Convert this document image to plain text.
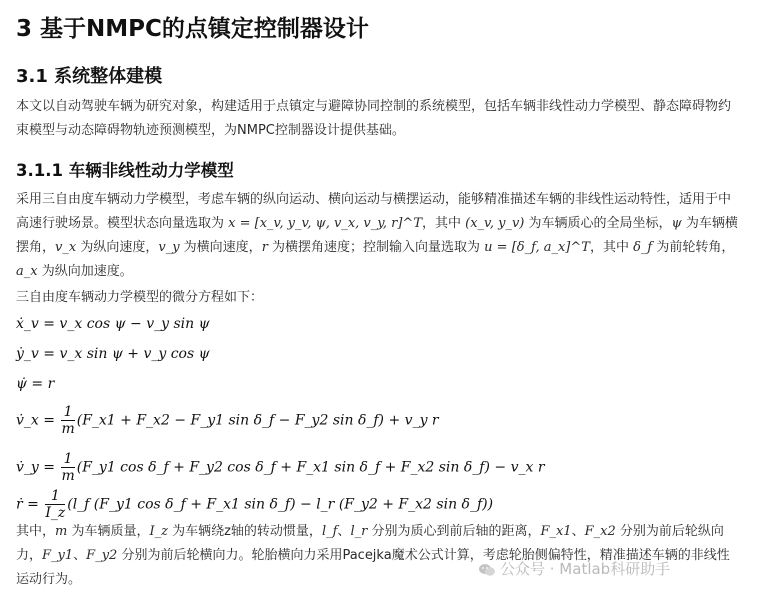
3 基于NMPC的点镇定控制器设计
3.1 系统整体建模

本文以自动驾驶车辆为研究对象，构建适用于点镇定与避障协同控制的系统模型，包括车辆非线性动力学模型、静态障碍物约束模型与动态障碍物轨迹预测模型，为NMPC控制器设计提供基础。

3.1.1 车辆非线性动力学模型

采用三自由度车辆动力学模型，考虑车辆的纵向运动、横向运动与横摆运动，能够精准描述车辆的非线性运动特性，适用于中高速行驶场景。模型状态向量选取为 x = [x_v, y_v, ψ, v_x, v_y, r]^T，其中 (x_v, y_v) 为车辆质心的全局坐标，ψ 为车辆横摆角，v_x 为纵向速度，v_y 为横向速度，r 为横摆角速度；控制输入向量选取为 u = [δ_f, a_x]^T，其中 δ_f 为前轮转角，a_x 为纵向加速度。

三自由度车辆动力学模型的微分方程如下：

ẋ_v = v_x cos ψ − v_y sin ψ
ẏ_v = v_x sin ψ + v_y cos ψ
ψ̇ = r
v̇_x = $\frac{1}{m}$ (F_x1 + F_x2 − F_y1 sin δ_f − F_y2 sin δ_f) + v_y r
v̇_y = $\frac{1}{m}$ (F_y1 cos δ_f + F_y2 cos δ_f + F_x1 sin δ_f + F_x2 sin δ_f) − v_x r
ṙ = $\frac{1}{I\_z}$ (l_f (F_y1 cos δ_f + F_x1 sin δ_f) − l_r (F_y2 + F_x2 sin δ_f))

其中，m 为车辆质量，I_z 为车辆绕z轴的转动惯量，l_f、l_r 分别为质心到前后轴的距离，F_x1、F_x2 分别为前后轮纵向力，F_y1、F_y2 分别为前后轮横向力。轮胎横向力采用Pacejka魔术公式计算，考虑轮胎侧偏特性，精准描述车辆的非线性运动行为。

公众号 · Matlab科研助手
